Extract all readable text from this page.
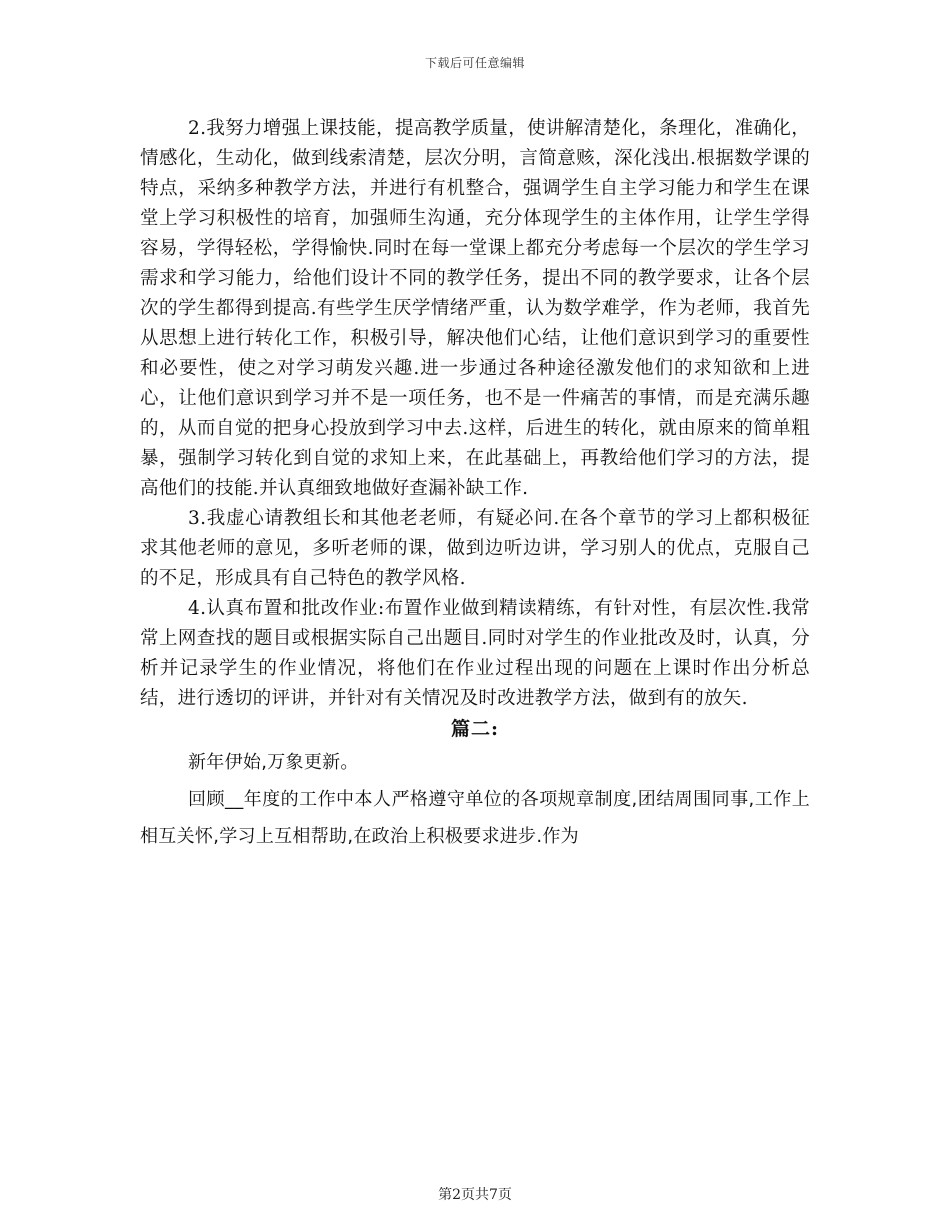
下载后可任意编辑

2.我努力增强上课技能，提高教学质量，使讲解清楚化，条理化，准确化，情感化，生动化，做到线索清楚，层次分明，言简意赅，深化浅出.根据数学课的特点，采纳多种教学方法，并进行有机整合，强调学生自主学习能力和学生在课堂上学习积极性的培育，加强师生沟通，充分体现学生的主体作用，让学生学得容易，学得轻松，学得愉快.同时在每一堂课上都充分考虑每一个层次的学生学习需求和学习能力，给他们设计不同的教学任务，提出不同的教学要求，让各个层次的学生都得到提高.有些学生厌学情绪严重，认为数学难学，作为老师，我首先从思想上进行转化工作，积极引导，解决他们心结，让他们意识到学习的重要性和必要性，使之对学习萌发兴趣.进一步通过各种途径激发他们的求知欲和上进心，让他们意识到学习并不是一项任务，也不是一件痛苦的事情，而是充满乐趣的，从而自觉的把身心投放到学习中去.这样，后进生的转化，就由原来的简单粗暴，强制学习转化到自觉的求知上来，在此基础上，再教给他们学习的方法，提高他们的技能.并认真细致地做好查漏补缺工作.

3.我虚心请教组长和其他老老师，有疑必问.在各个章节的学习上都积极征求其他老师的意见，多听老师的课，做到边听边讲，学习别人的优点，克服自己的不足，形成具有自己特色的教学风格.

4.认真布置和批改作业:布置作业做到精读精练，有针对性，有层次性.我常常上网查找的题目或根据实际自己出题目.同时对学生的作业批改及时，认真，分析并记录学生的作业情况，将他们在作业过程出现的问题在上课时作出分析总结，进行透切的评讲，并针对有关情况及时改进教学方法，做到有的放矢.

篇二:

新年伊始,万象更新。

回顾__年度的工作中本人严格遵守单位的各项规章制度,团结周围同事,工作上相互关怀,学习上互相帮助,在政治上积极要求进步.作为

第2页共7页
